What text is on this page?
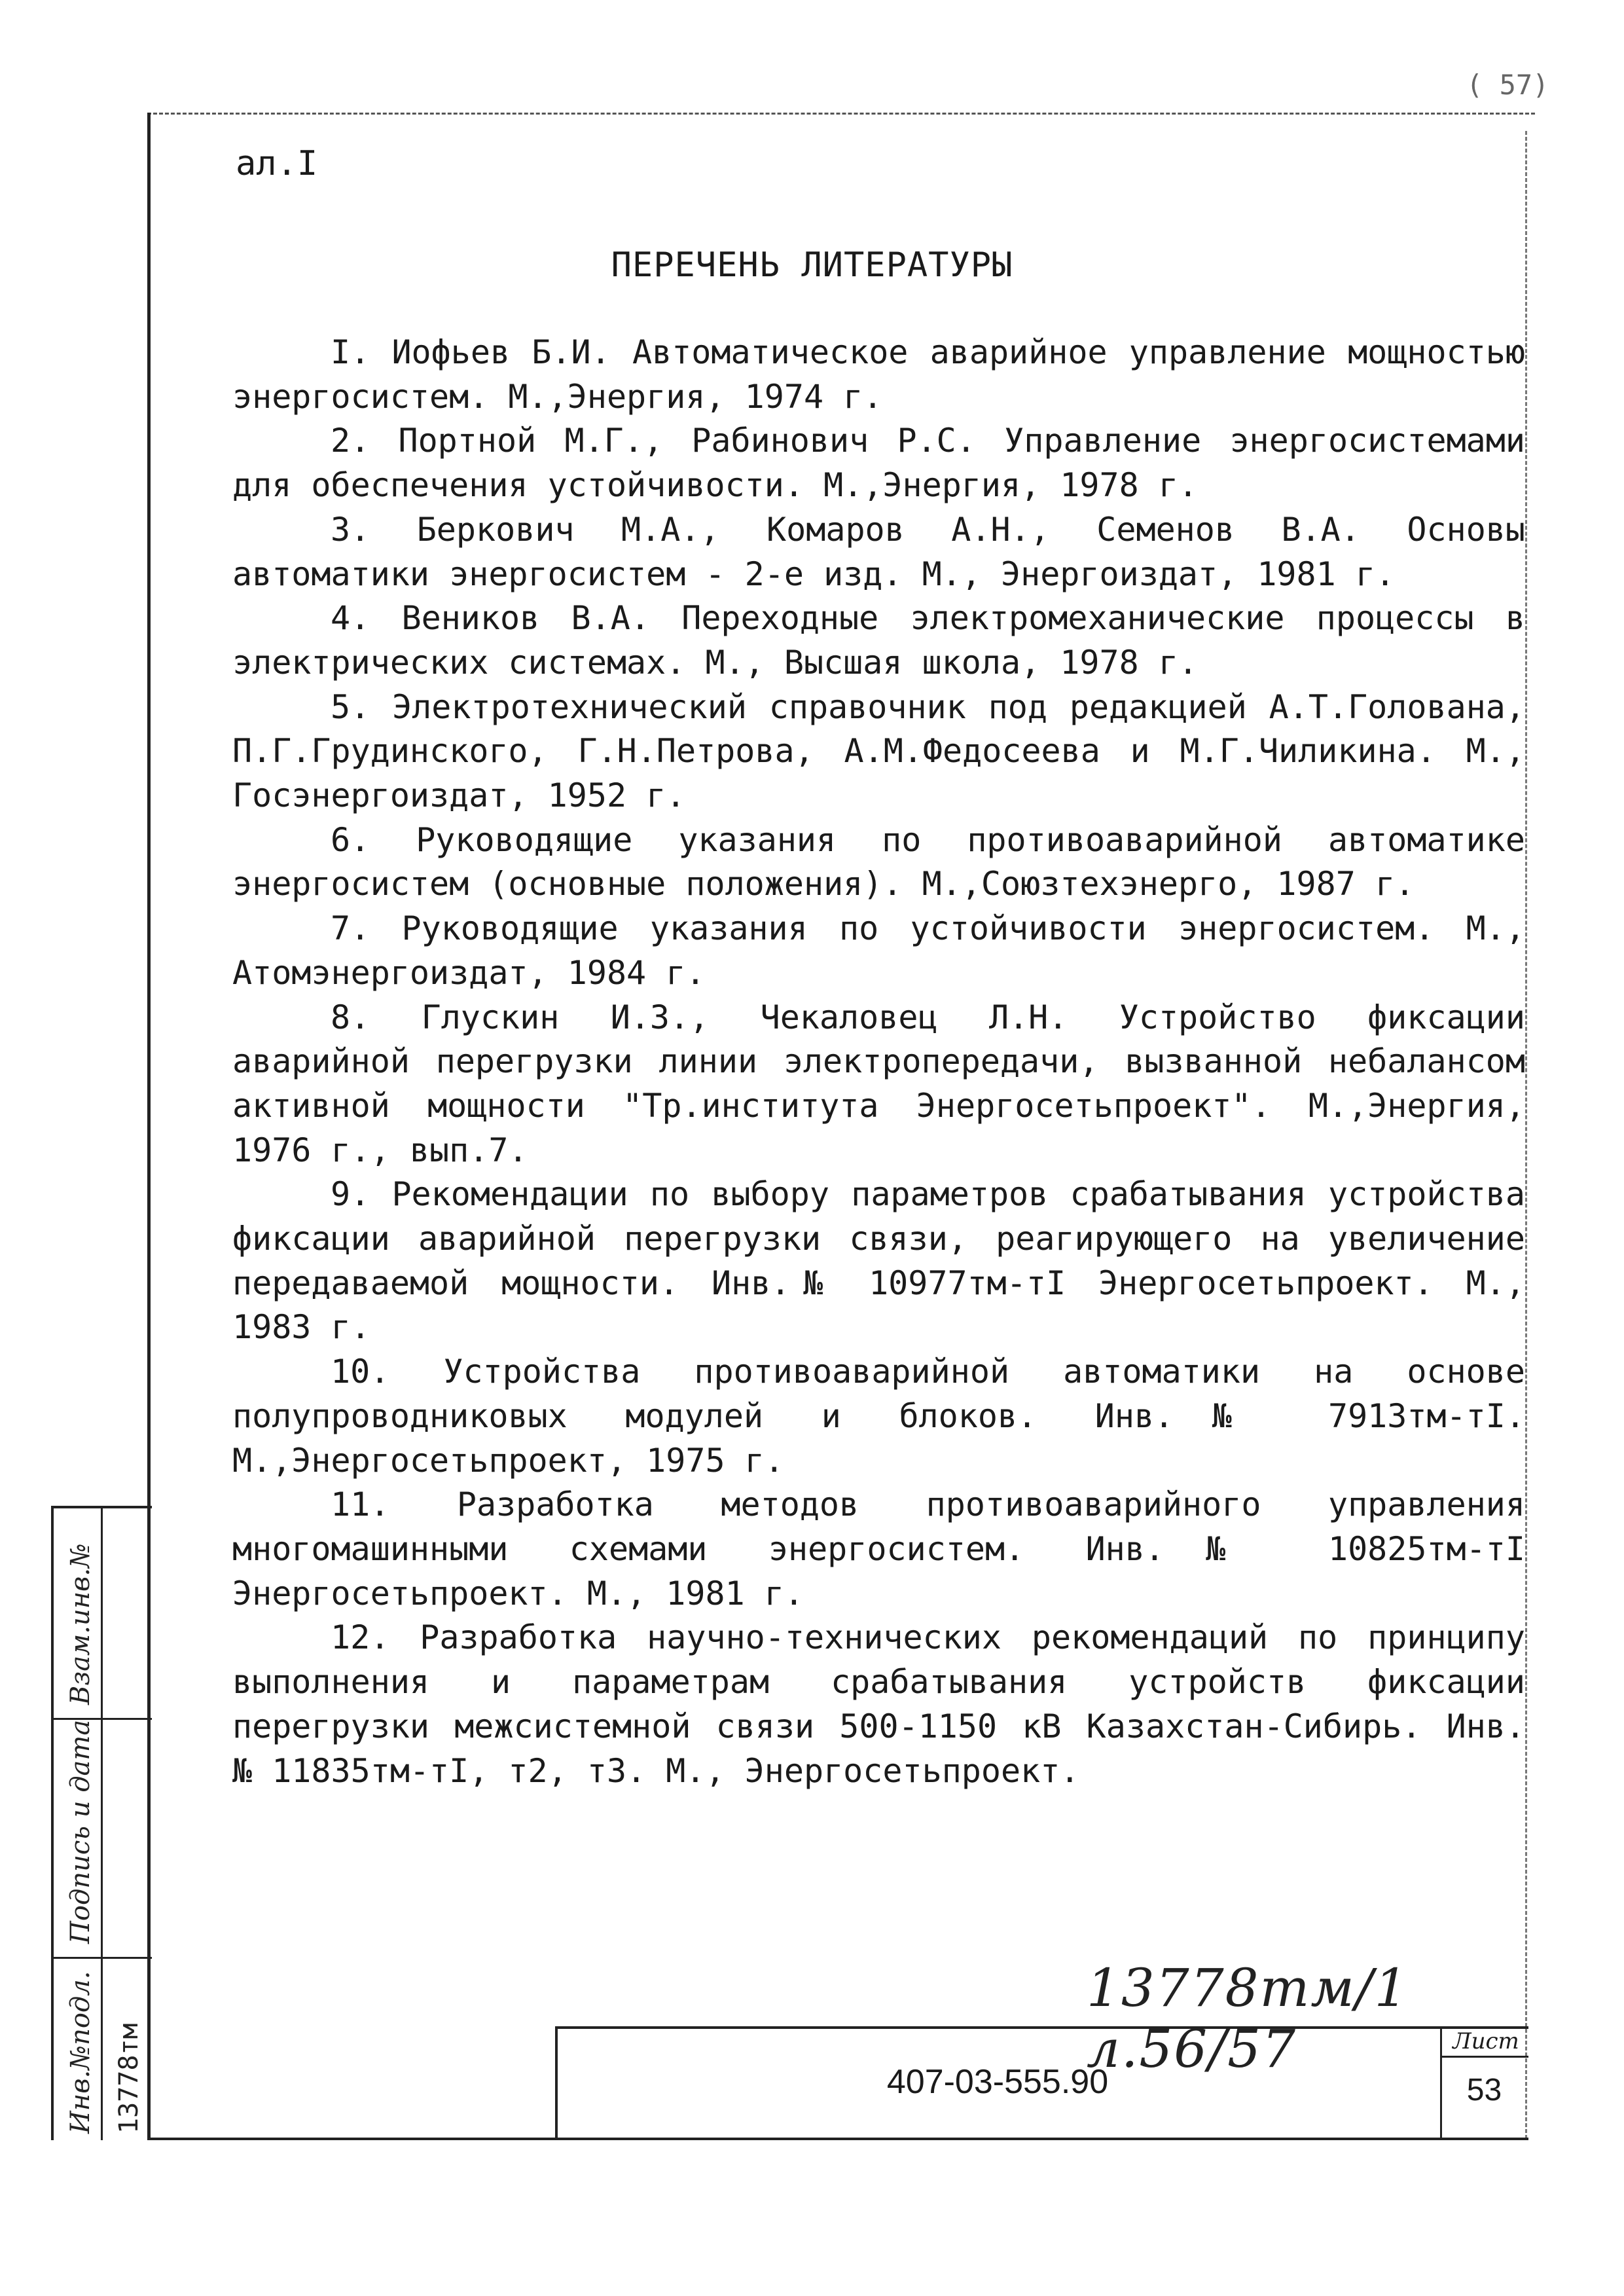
( 57)
ал.I
ПЕРЕЧЕНЬ ЛИТЕРАТУРЫ

I. Иофьев Б.И. Автоматическое аварийное управление мощностью энергосистем. М.,Энергия, 1974 г.

2. Портной М.Г., Рабинович Р.С. Управление энергосистемами для обеспечения устойчивости. М.,Энергия, 1978 г.

3. Беркович М.А., Комаров А.Н., Семенов В.А. Основы автоматики энергосистем - 2-е изд. М., Энергоиздат, 1981 г.

4. Веников В.А. Переходные электромеханические процессы в электрических системах. М., Высшая школа, 1978 г.

5. Электротехнический справочник под редакцией А.Т.Голована, П.Г.Грудинского, Г.Н.Петрова, А.М.Федосеева и М.Г.Чиликина. М., Госэнергоиздат, 1952 г.

6. Руководящие указания по противоаварийной автоматике энергосистем (основные положения). М.,Союзтехэнерго, 1987 г.

7. Руководящие указания по устойчивости энергосистем. М., Атомэнергоиздат, 1984 г.

8. Глускин И.З., Чекаловец Л.Н. Устройство фиксации аварийной перегрузки линии электропередачи, вызванной небалансом активной мощности "Тр.института Энергосетьпроект". М.,Энергия, 1976 г., вып.7.

9. Рекомендации по выбору параметров срабатывания устройства фиксации аварийной перегрузки связи, реагирующего на увеличение передаваемой мощности. Инв.№ 10977тм-тI Энергосетьпроект. М., 1983 г.

10. Устройства противоаварийной автоматики на основе полупроводниковых модулей и блоков. Инв.№ 7913тм-тI. М.,Энергосетьпроект, 1975 г.

11. Разработка методов противоаварийного управления многомашинными схемами энергосистем. Инв.№ 10825тм-тI Энергосетьпроект. М., 1981 г.

12. Разработка научно-технических рекомендаций по принципу выполнения и параметрам срабатывания устройств фиксации перегрузки межсистемной связи 500-1150 кВ Казахстан-Сибирь. Инв. № 11835тм-тI, т2, т3. М., Энергосетьпроект.

Взам.инв.№
Подпись и дата
Инв.№подл. 13778тм
13778тм/1 л.56/57
407-03-555.90
Лист
53
